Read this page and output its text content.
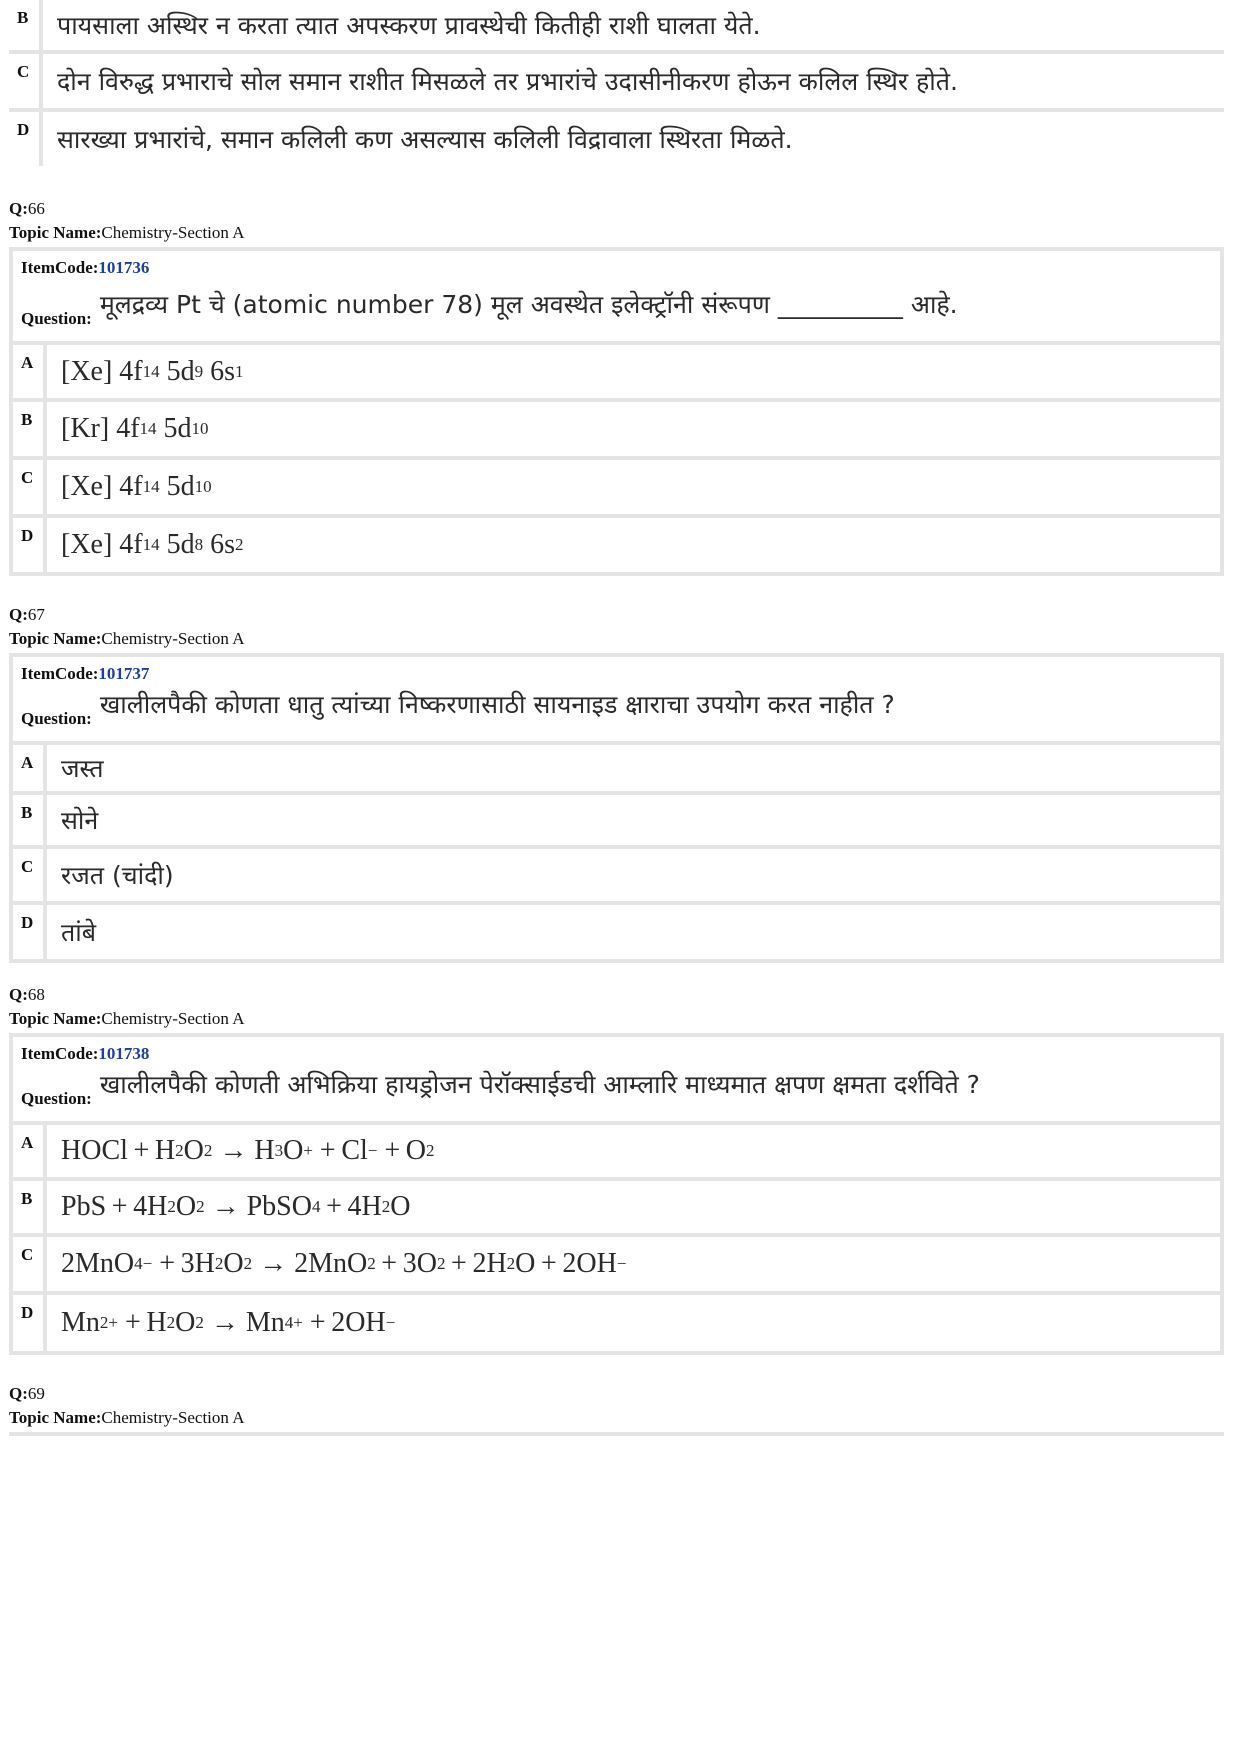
B	पायसाला अस्थिर न करता त्यात अपस्करण प्रावस्थेची कितीही राशी घालता येते.
C	दोन विरुद्ध प्रभाराचे सोल समान राशीत मिसळले तर प्रभारांचे उदासीनीकरण होऊन कलिल स्थिर होते.
D	सारख्या प्रभारांचे, समान कलिली कण असल्यास कलिली विद्रावाला स्थिरता मिळते.
Q:66
Topic Name:Chemistry-Section A
ItemCode:101736
Question: मूलद्रव्य Pt चे (atomic number 78) मूल अवस्थेत इलेक्ट्रॉनी संरूपण __________ आहे.
A [Xe] 4f 14 5d 9 6s 1
B	[Kr] 4f 14 5d 10
C [Xe] 4f 14 5d 10
D [Xe] 4f 14 5d 8 6s 2
Q:67
Topic Name:Chemistry-Section A
ItemCode:101737
Question: खालीलपैकी कोणता धातु त्यांच्या निष्करणासाठी सायनाइड क्षाराचा उपयोग करत नाहीत ?
A	जस्त
B	सोने
C	रजत (चांदी)
D	तांबे
Q:68
Topic Name:Chemistry-Section A
ItemCode:101738
Question: खालीलपैकी कोणती अभिक्रिया हायड्रोजन पेरॉक्साईडची आम्लारि माध्यमात क्षपण क्षमता दर्शविते ?
A HOCl + H 2 O 2 → H 3 O + + Cl − + O 2
B	PbS + 4H 2 O 2 → PbSO 4  + 4H 2 O
C 2MnO 4 − + 3H 2 O 2 → 2MnO 2  + 3O 2  + 2H 2 O + 2OH −
D Mn 2+ + H 2 O 2 → Mn 4+ + 2OH −
Q:69
Topic Name:Chemistry-Section A
